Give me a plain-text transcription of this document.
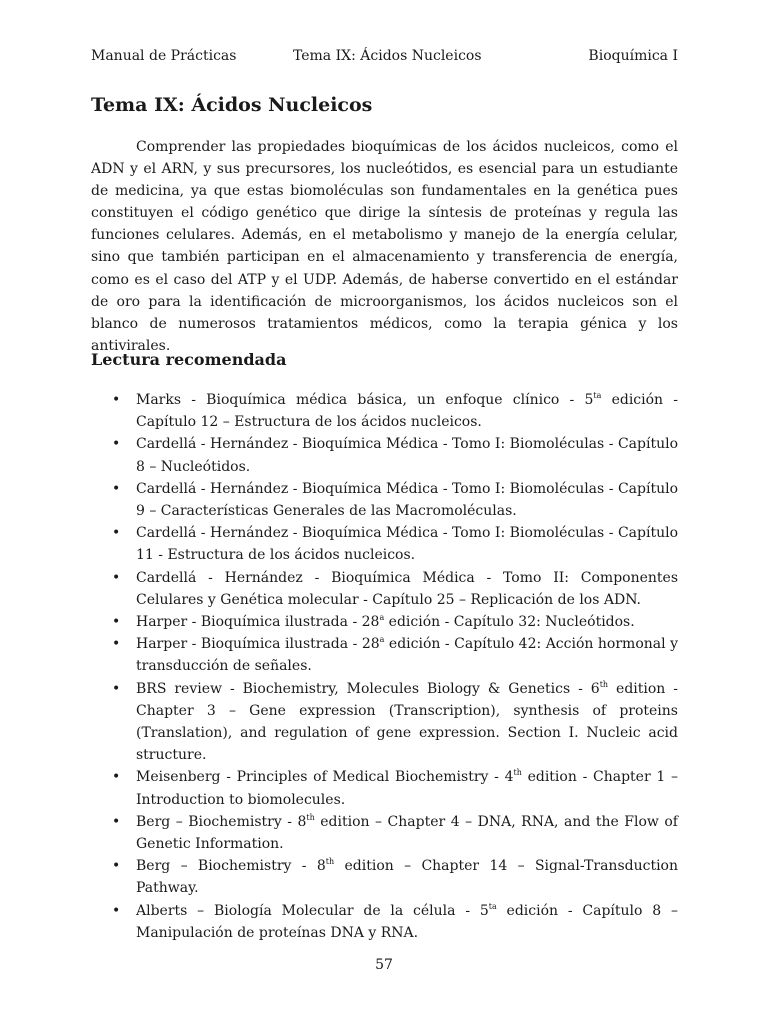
Manual de Prácticas	Tema IX: Ácidos Nucleicos	Bioquímica I
Tema IX: Ácidos Nucleicos

Comprender las propiedades bioquímicas de los ácidos nucleicos, como el ADN y el ARN, y sus precursores, los nucleótidos, es esencial para un estudiante de medicina, ya que estas biomoléculas son fundamentales en la genética pues constituyen el código genético que dirige la síntesis de proteínas y regula las funciones celulares. Además, en el metabolismo y manejo de la energía celular, sino que también participan en el almacenamiento y transferencia de energía, como es el caso del ATP y el UDP. Además, de haberse convertido en el estándar de oro para la identificación de microorganismos, los ácidos nucleicos son el blanco de numerosos tratamientos médicos, como la terapia génica y los antivirales.

Lectura recomendada
• Marks - Bioquímica médica básica, un enfoque clínico - $5^{ta}$ edición - Capítulo 12 – Estructura de los ácidos nucleicos.
• Cardellá - Hernández - Bioquímica Médica - Tomo I: Biomoléculas - Capítulo 8 – Nucleótidos.
• Cardellá - Hernández - Bioquímica Médica - Tomo I: Biomoléculas - Capítulo 9 – Características Generales de las Macromoléculas.
• Cardellá - Hernández - Bioquímica Médica - Tomo I: Biomoléculas - Capítulo 11 - Estructura de los ácidos nucleicos.
• Cardellá - Hernández - Bioquímica Médica - Tomo II: Componentes Celulares y Genética molecular - Capítulo 25 – Replicación de los ADN.
• Harper - Bioquímica ilustrada - 28$^a$ edición - Capítulo 32: Nucleótidos.
• Harper - Bioquímica ilustrada - 28$^a$ edición - Capítulo 42: Acción hormonal y transducción de señales.
• BRS review - Biochemistry, Molecules Biology & Genetics - 6th edition - Chapter 3 – Gene expression (Transcription), synthesis of proteins (Translation), and regulation of gene expression. Section I. Nucleic acid structure.
• Meisenberg - Principles of Medical Biochemistry - 4th edition - Chapter 1 – Introduction to biomolecules.
• Berg – Biochemistry - 8th edition – Chapter 4 – DNA, RNA, and the Flow of Genetic Information.
• Berg – Biochemistry - 8th edition – Chapter 14 – Signal-Transduction Pathway.
• Alberts – Biología Molecular de la célula - $5^{ta}$ edición - Capítulo 8 – Manipulación de proteínas DNA y RNA.
57
